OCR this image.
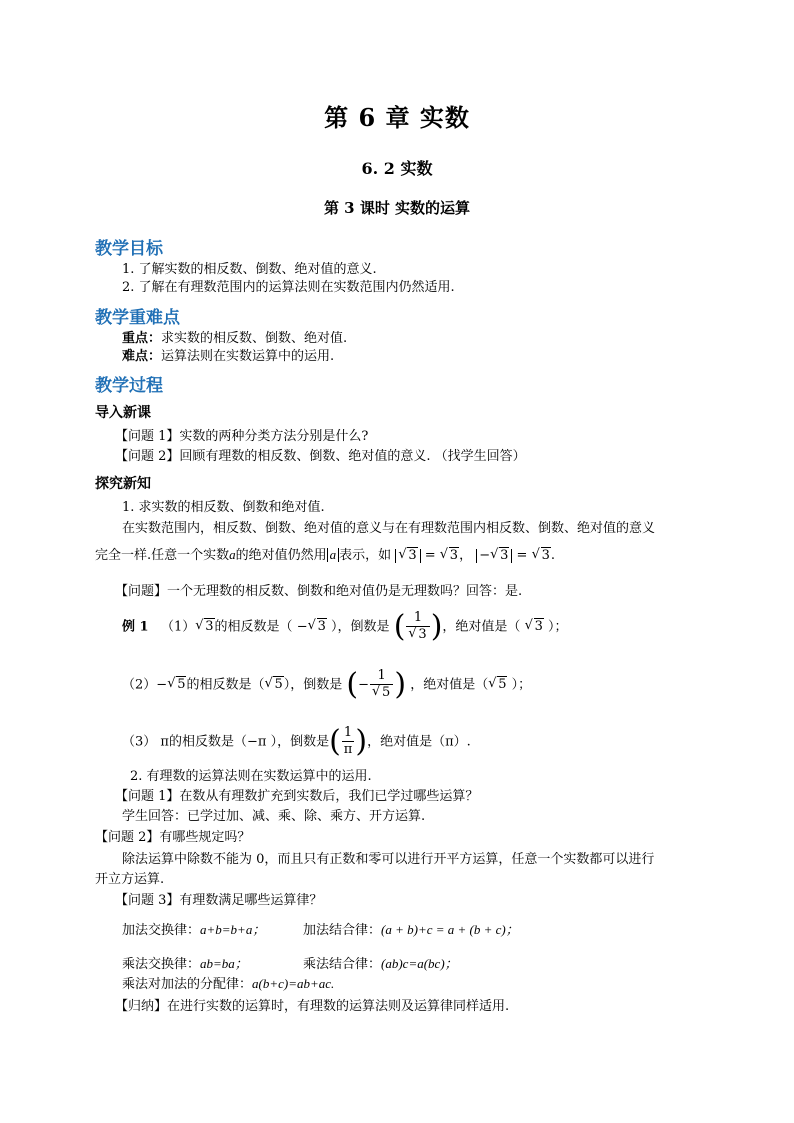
第 6 章 实数
6. 2 实数
第 3 课时 实数的运算
教学目标
1. 了解实数的相反数、倒数、绝对值的意义.
2. 了解在有理数范围内的运算法则在实数范围内仍然适用.
教学重难点
重点：求实数的相反数、倒数、绝对值.
难点：运算法则在实数运算中的运用.
教学过程
导入新课
【问题 1】实数的两种分类方法分别是什么?
【问题 2】回顾有理数的相反数、倒数、绝对值的意义. （找学生回答）
探究新知
1. 求实数的相反数、倒数和绝对值.
在实数范围内，相反数、倒数、绝对值的意义与在有理数范围内相反数、倒数、绝对值的意义
完全一样.任意一个实数a的绝对值仍然用 a 表示，如 √ 3 = √ 3， − √ 3 = √ 3.
【问题】一个无理数的相反数、倒数和绝对值仍是无理数吗？回答：是.
例 1 （1） √ 3的相反数是（ − √ 3 ），倒数是 ( 1
√ 3 )，绝对值是（ √ 3 ）；
（2）− √ 5的相反数是（ √ 5），倒数是 (− 1
√ 5 ) ，绝对值是（ √ 5 ）；
（3） π的相反数是（−π ），倒数是( $\frac{1}{\pi}$ )，绝对值是（π）.
2. 有理数的运算法则在实数运算中的运用.
【问题 1】在数从有理数扩充到实数后，我们已学过哪些运算？
学生回答：已学过加、减、乘、除、乘方、开方运算.
【问题 2】有哪些规定吗？
除法运算中除数不能为 0，而且只有正数和零可以进行开平方运算，任意一个实数都可以进行
开立方运算.
【问题 3】有理数满足哪些运算律？
加法交换律：a+b=b+a；	加法结合律：(a + b)+c = a + (b + c)；
乘法交换律：ab=ba；	乘法结合律：(ab)c=a(bc)；
乘法对加法的分配律：a(b+c)=ab+ac.
【归纳】在进行实数的运算时，有理数的运算法则及运算律同样适用.
